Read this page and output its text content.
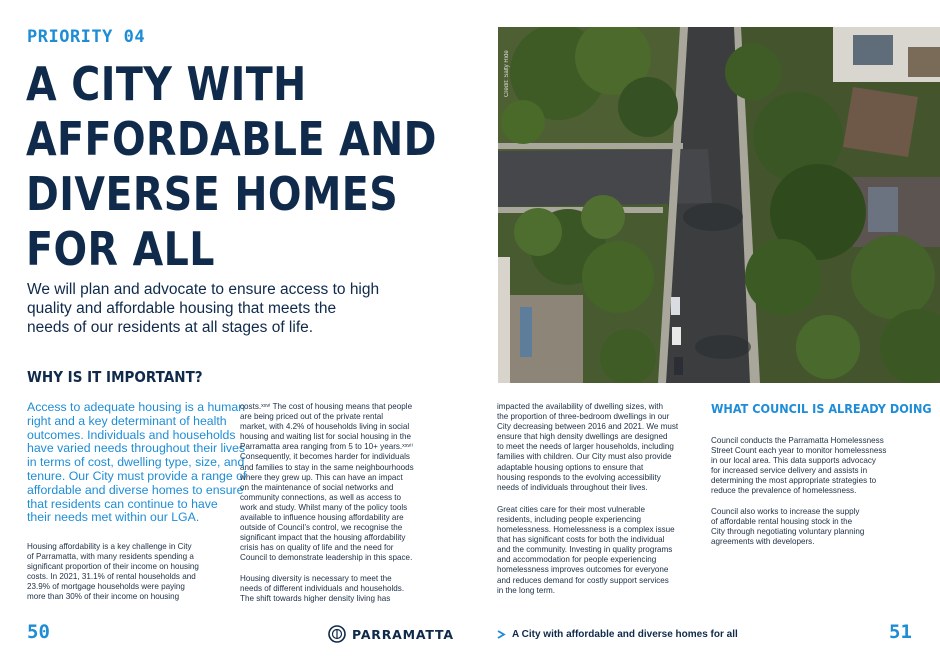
PRIORITY 04
A CITY WITH
AFFORDABLE AND
DIVERSE HOMES
FOR ALL
We will plan and advocate to ensure access to high
quality and affordable housing that meets the
needs of our residents at all stages of life.
WHY IS IT IMPORTANT?
Access to adequate housing is a human
right and a key determinant of health
outcomes. Individuals and households
have varied needs throughout their lives
in terms of cost, dwelling type, size, and
tenure. Our City must provide a range of
affordable and diverse homes to ensure
that residents can continue to have
their needs met within our LGA.
Housing affordability is a key challenge in City
of Parramatta, with many residents spending a
significant proportion of their income on housing
costs. In 2021, 31.1% of rental households and
23.9% of mortgage households were paying
more than 30% of their income on housing
costs.ˣˣᵛⁱ The cost of housing means that people
are being priced out of the private rental
market, with 4.2% of households living in social
housing and waiting list for social housing in the
Parramatta area ranging from 5 to 10+ years.ˣˣᵛⁱⁱ
Consequently, it becomes harder for individuals
and families to stay in the same neighbourhoods
where they grew up. This can have an impact
on the maintenance of social networks and
community connections, as well as access to
work and study. Whilst many of the policy tools
available to influence housing affordability are
outside of Council’s control, we recognise the
significant impact that the housing affordability
crisis has on quality of life and the need for
Council to demonstrate leadership in this space.
Housing diversity is necessary to meet the
needs of different individuals and households.
The shift towards higher density living has
Credit: Salty Ride
impacted the availability of dwelling sizes, with
the proportion of three-bedroom dwellings in our
City decreasing between 2016 and 2021. We must
ensure that high density dwellings are designed
to meet the needs of larger households, including
families with children. Our City must also provide
adaptable housing options to ensure that
housing responds to the evolving accessibility
needs of individuals throughout their lives.
Great cities care for their most vulnerable
residents, including people experiencing
homelessness. Homelessness is a complex issue
that has significant costs for both the individual
and the community. Investing in quality programs
and accommodation for people experiencing
homelessness improves outcomes for everyone
and reduces demand for costly support services
in the long term.
WHAT COUNCIL IS ALREADY DOING
Council conducts the Parramatta Homelessness
Street Count each year to monitor homelessness
in our local area. This data supports advocacy
for increased service delivery and assists in
determining the most appropriate strategies to
reduce the prevalence of homelessness.
Council also works to increase the supply
of affordable rental housing stock in the
City through negotiating voluntary planning
agreements with developers.
50	PARRAMATTA	A City with affordable and diverse homes for all	51
